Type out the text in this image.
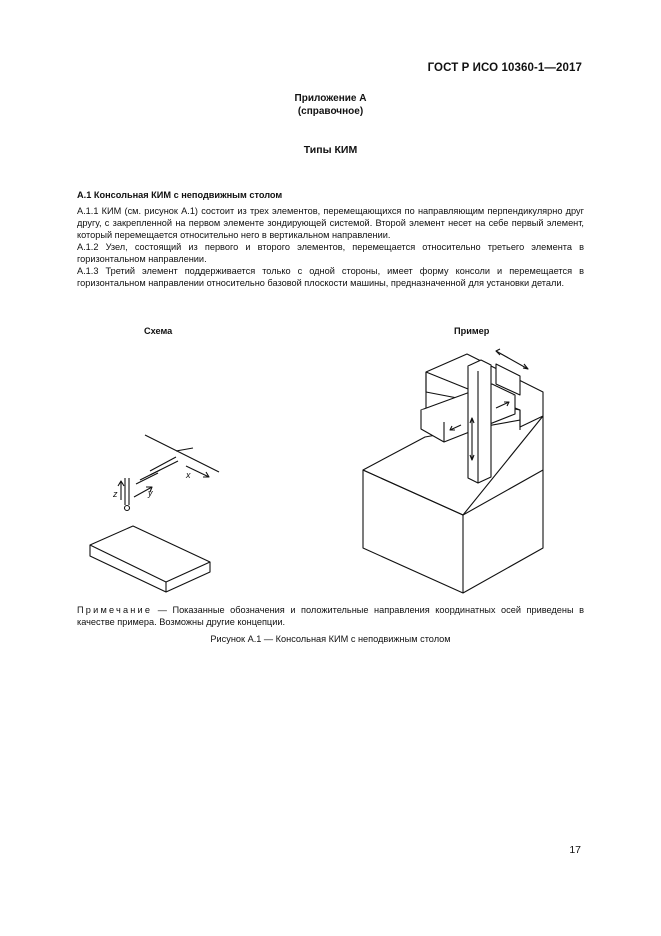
ГОСТ Р ИСО 10360-1—2017
Приложение А
(справочное)
Типы КИМ
А.1 Консольная КИМ с неподвижным столом

А.1.1 КИМ (см. рисунок А.1) состоит из трех элементов, перемещающихся по направляющим перпендикулярно друг другу, с закрепленной на первом элементе зондирующей системой. Второй элемент несет на себе первый элемент, который перемещается относительно него в вертикальном направлении.

А.1.2 Узел, состоящий из первого и второго элементов, перемещается относительно третьего элемента в горизонтальном направлении.

А.1.3 Третий элемент поддерживается только с одной стороны, имеет форму консоли и перемещается в горизонтальном направлении относительно базовой плоскости машины, предназначенной для установки детали.

Схема	Пример
x
y
z
Примечание — Показанные обозначения и положительные направления координатных осей приведены в качестве примера. Возможны другие концепции.
Рисунок А.1 — Консольная КИМ с неподвижным столом
17
